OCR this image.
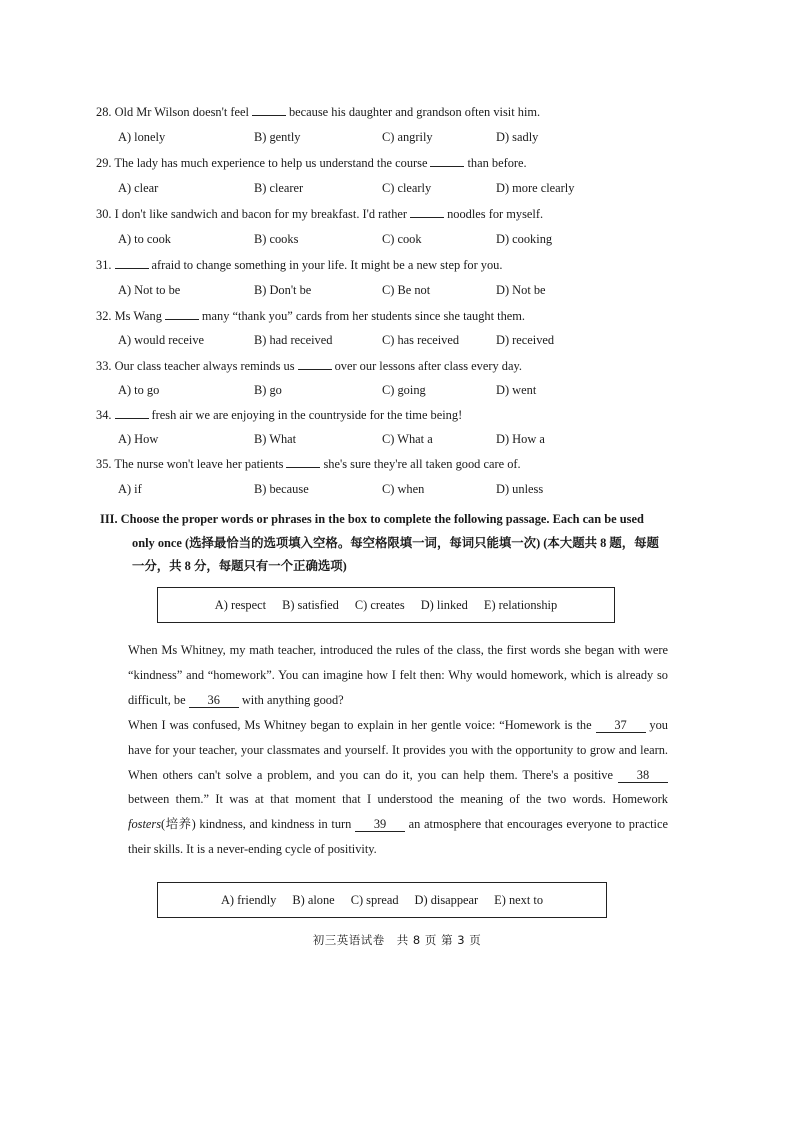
28. Old Mr Wilson doesn't feel	because his daughter and grandson often visit him.
A) lonely	B) gently	C) angrily	D) sadly
29. The lady has much experience to help us understand the course	than before.
A) clear	B) clearer	C) clearly	D) more clearly
30. I don't like sandwich and bacon for my breakfast. I'd rather	noodles for myself.
A) to cook	B) cooks	C) cook	D) cooking
31.	afraid to change something in your life. It might be a new step for you.
A) Not to be	B) Don't be	C) Be not	D) Not be
32. Ms Wang	many “thank you” cards from her students since she taught them.
A) would receive	B) had received	C) has received	D) received
33. Our class teacher always reminds us	over our lessons after class every day.
A) to go	B) go	C) going	D) went
34.	fresh air we are enjoying in the countryside for the time being!
A) How	B) What	C) What a	D) How a
35. The nurse won't leave her patients	she's sure they're all taken good care of.
A) if	B) because	C) when	D) unless
III. Choose the proper words or phrases in the box to complete the following passage. Each can be used
only once (选择最恰当的选项填入空格。每空格限填一词，每词只能填一次) (本大题共 8 题，每题
一分，共 8 分，每题只有一个正确选项)
A) respect B) satisfied C) creates D) linked E) relationship
When Ms Whitney, my math teacher, introduced the rules of the class, the first words she began with were “kindness” and “homework”. You can imagine how I felt then: Why would homework, which is already so difficult, be 36 with anything good?
When I was confused, Ms Whitney began to explain in her gentle voice: “Homework is the 37 you have for your teacher, your classmates and yourself. It provides you with the opportunity to grow and learn. When others can't solve a problem, and you can do it, you can help them. There's a positive 38 between them.” It was at that moment that I understood the meaning of the two words. Homework fosters(培养) kindness, and kindness in turn 39 an atmosphere that encourages everyone to practice their skills. It is a never-ending cycle of positivity.
A) friendly B) alone C) spread D) disappear E) next to
初三英语试卷　共 8 页 第 3 页
